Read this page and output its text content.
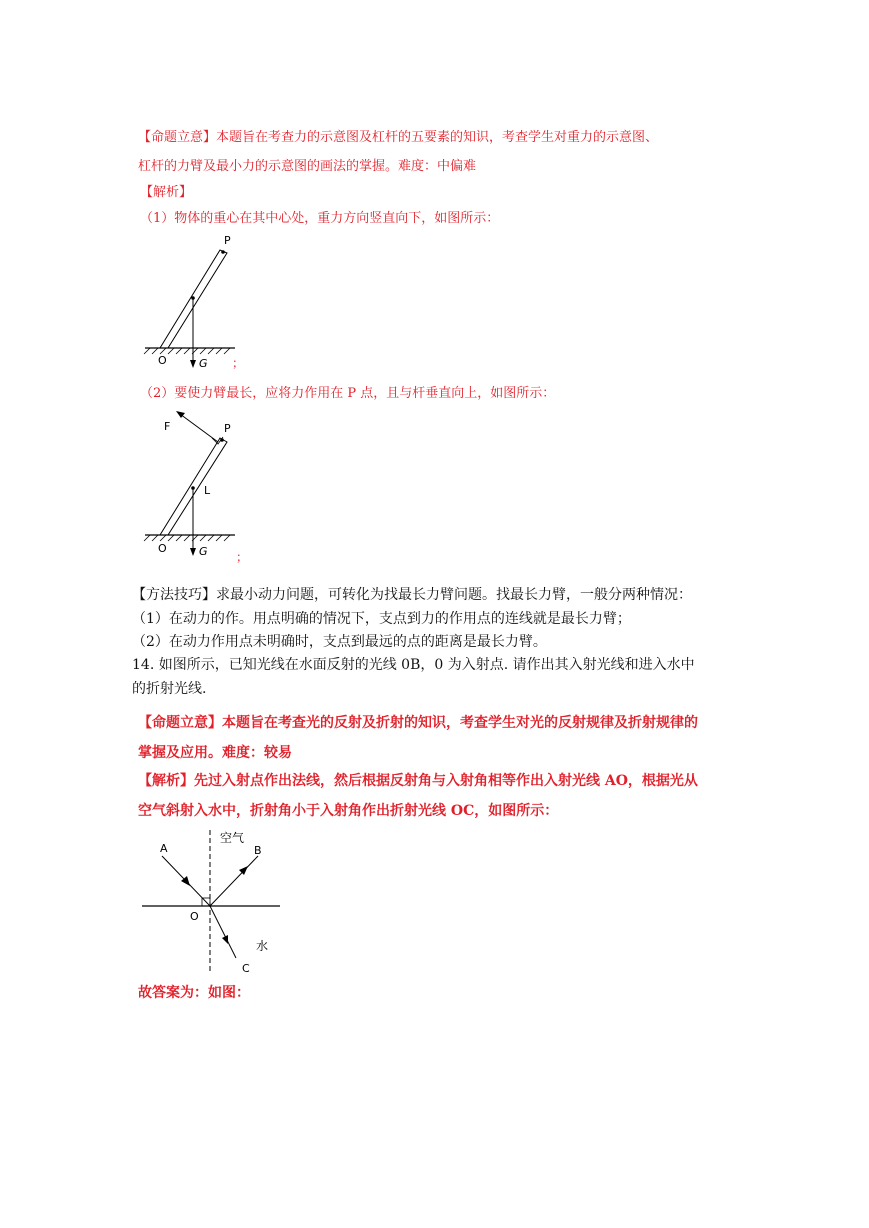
【命题立意】本题旨在考查力的示意图及杠杆的五要素的知识，考查学生对重力的示意图、
杠杆的力臂及最小力的示意图的画法的掌握。难度：中偏难
【解析】
（1）物体的重心在其中心处，重力方向竖直向下，如图所示：
P
O	G ；
（2）要使力臂最长，应将力作用在 P 点，且与杆垂直向上，如图所示：
F	P
L
O	G ；
【方法技巧】求最小动力问题，可转化为找最长力臂问题。找最长力臂，一般分两种情况：
（1）在动力的作。用点明确的情况下，支点到力的作用点的连线就是最长力臂；
（2）在动力作用点未明确时，支点到最远的点的距离是最长力臂。
14. 如图所示，已知光线在水面反射的光线 0B，0 为入射点. 请作出其入射光线和进入水中
的折射光线.
【命题立意】本题旨在考查光的反射及折射的知识，考查学生对光的反射规律及折射规律的
掌握及应用。难度：较易
【解析】先过入射点作出法线，然后根据反射角与入射角相等作出入射光线 AO，根据光从
空气斜射入水中，折射角小于入射角作出折射光线 OC，如图所示：
A	B
C
O
空气
水
故答案为：如图：
